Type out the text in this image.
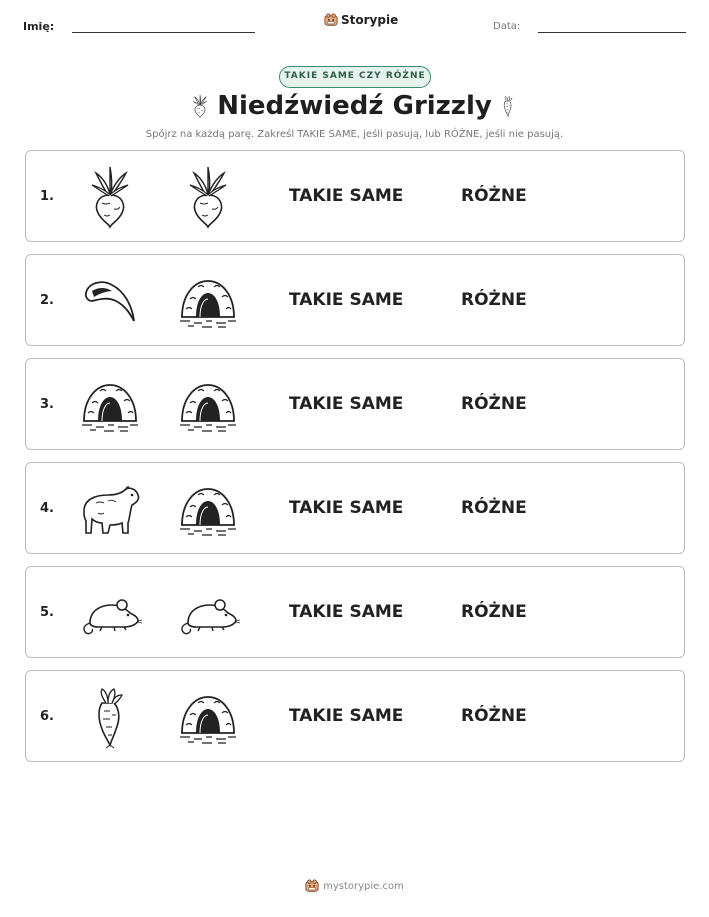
Imię:	Storypie	Data:
TAKIE SAME CZY RÓŻNE
Niedźwiedź Grizzly
Spójrz na każdą parę. Zakreśl TAKIE SAME, jeśli pasują, lub RÓŻNE, jeśli nie pasują.
1.	TAKIE SAME	RÓŻNE
2.	TAKIE SAME	RÓŻNE
3.	TAKIE SAME	RÓŻNE
4.	TAKIE SAME	RÓŻNE
5.	TAKIE SAME	RÓŻNE
6.	TAKIE SAME	RÓŻNE
mystorypie.com
